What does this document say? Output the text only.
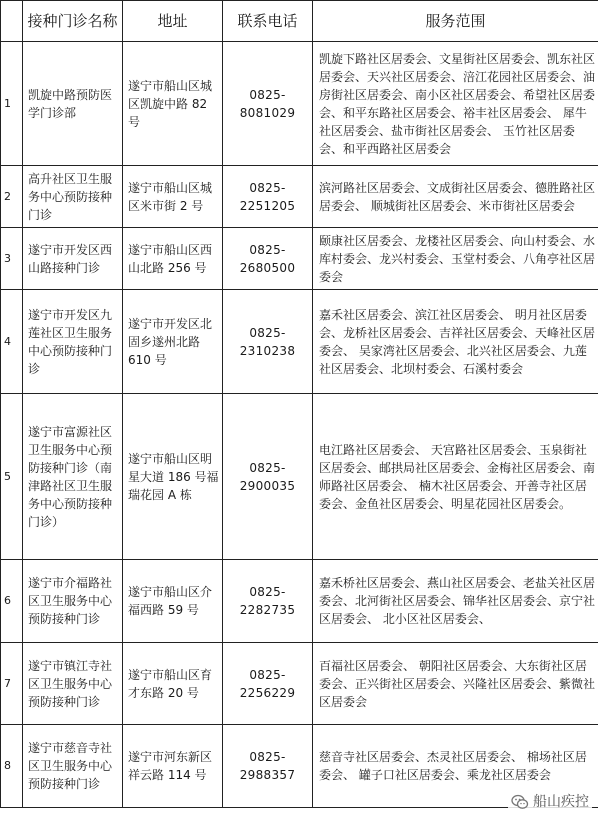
	接种门诊名称	地址	联系电话	服务范围
1	凯旋中路预防医学门诊部	遂宁市船山区城区凯旋中路 82 号	0825-8081029	凯旋下路社区居委会、文星街社区居委会、凯东社区居委会、天兴社区居委会、涪江花园社区居委会、油房街社区居委会、南小区社区居委会、希望社区居委会、和平东路社区居委会、裕丰社区居委会、 犀牛社区居委会、盐市街社区居委会、 玉竹社区居委会、和平西路社区居委会
2	高升社区卫生服务中心预防接种门诊	遂宁市船山区城区米市街 2 号	0825-2251205	滨河路社区居委会、文成街社区居委会、德胜路社区居委会、 顺城街社区居委会、米市街社区居委会
3	遂宁市开发区西山路接种门诊	遂宁市船山区西山北路 256 号	0825-2680500	颐康社区居委会、龙楼社区居委会、向山村委会、水库村委会、龙兴村委会、玉堂村委会、八角亭社区居委会
4	遂宁市开发区九莲社区卫生服务中心预防接种门诊	遂宁市开发区北固乡遂州北路 610 号	0825-2310238	嘉禾社区居委会、滨江社区居委会、 明月社区居委会、龙桥社区居委会、吉祥社区居委会、天峰社区居委会、 吴家湾社区居委会、北兴社区居委会、九莲社区居委会、北坝村委会、石溪村委会
5	遂宁市富源社区卫生服务中心预防接种门诊（南津路社区卫生服务中心预防接种门诊）	遂宁市船山区明星大道 186 号福瑞花园 A 栋	0825-2900035	电江路社区居委会、 天宫路社区居委会、玉泉街社区居委会、邮拱局社区居委会、金梅社区居委会、南师路社区居委会、 楠木社区居委会、开善寺社区居委会、金鱼社区居委会、明星花园社区居委会。
6	遂宁市介福路社区卫生服务中心预防接种门诊	遂宁市船山区介福西路 59 号	0825-2282735	嘉禾桥社区居委会、燕山社区居委会、老盐关社区居委会、北河街社区居委会、锦华社区居委会、京宁社区居委会、 北小区社区居委会、
7	遂宁市镇江寺社区卫生服务中心预防接种门诊	遂宁市船山区育才东路 20 号	0825-2256229	百福社区居委会、 朝阳社区居委会、大东街社区居委会、正兴街社区居委会、兴隆社区居委会、紫微社区居委会
8	遂宁市慈音寺社区卫生服务中心预防接种门诊	遂宁市河东新区祥云路 114 号	0825-2988357	慈音寺社区居委会、杰灵社区居委会、 棉场社区居委会、 罐子口社区居委会、乘龙社区居委会
船山疾控
